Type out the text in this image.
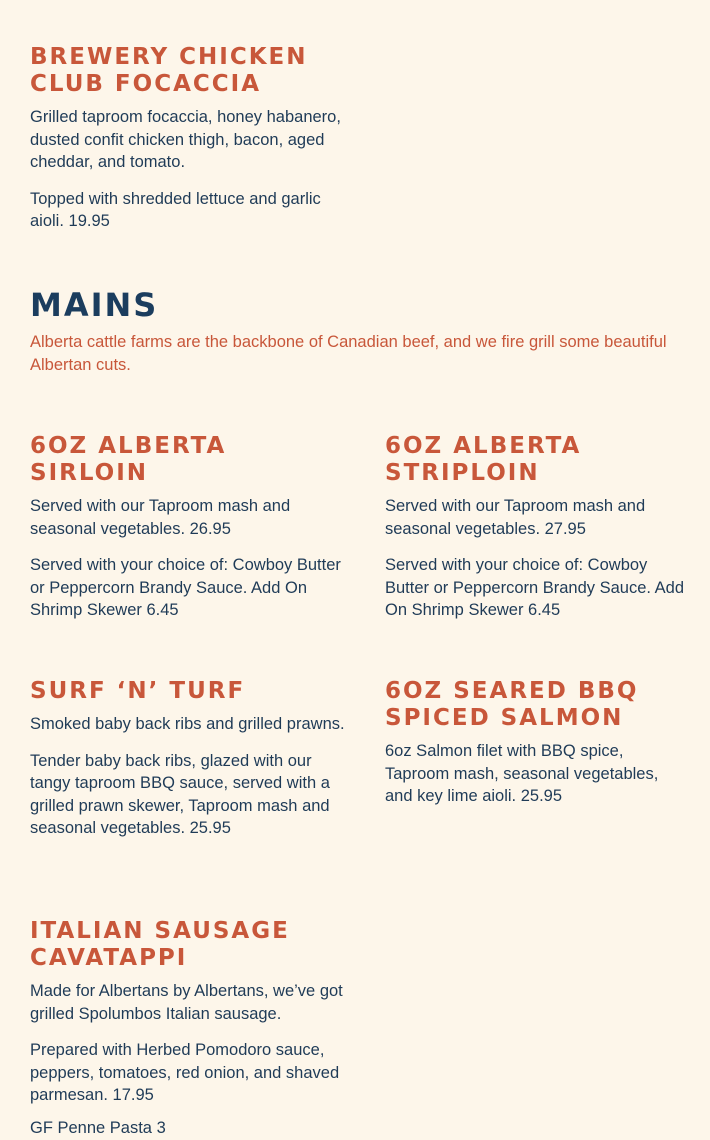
BREWERY CHICKEN CLUB FOCACCIA

Grilled taproom focaccia, honey habanero, dusted confit chicken thigh, bacon, aged cheddar, and tomato.

Topped with shredded lettuce and garlic aioli. 19.95

MAINS

Alberta cattle farms are the backbone of Canadian beef, and we fire grill some beautiful Albertan cuts.

6OZ ALBERTA SIRLOIN

Served with our Taproom mash and seasonal vegetables. 26.95

Served with your choice of: Cowboy Butter or Peppercorn Brandy Sauce. Add On Shrimp Skewer 6.45

6OZ ALBERTA STRIPLOIN

Served with our Taproom mash and seasonal vegetables. 27.95

Served with your choice of: Cowboy Butter or Peppercorn Brandy Sauce. Add On Shrimp Skewer 6.45

SURF ‘N’ TURF

Smoked baby back ribs and grilled prawns.

Tender baby back ribs, glazed with our tangy taproom BBQ sauce, served with a grilled prawn skewer, Taproom mash and seasonal vegetables. 25.95

6OZ SEARED BBQ SPICED SALMON

6oz Salmon filet with BBQ spice, Taproom mash, seasonal vegetables, and key lime aioli. 25.95

ITALIAN SAUSAGE CAVATAPPI

Made for Albertans by Albertans, we’ve got grilled Spolumbos Italian sausage.

Prepared with Herbed Pomodoro sauce, peppers, tomatoes, red onion, and shaved parmesan. 17.95

GF Penne Pasta 3
